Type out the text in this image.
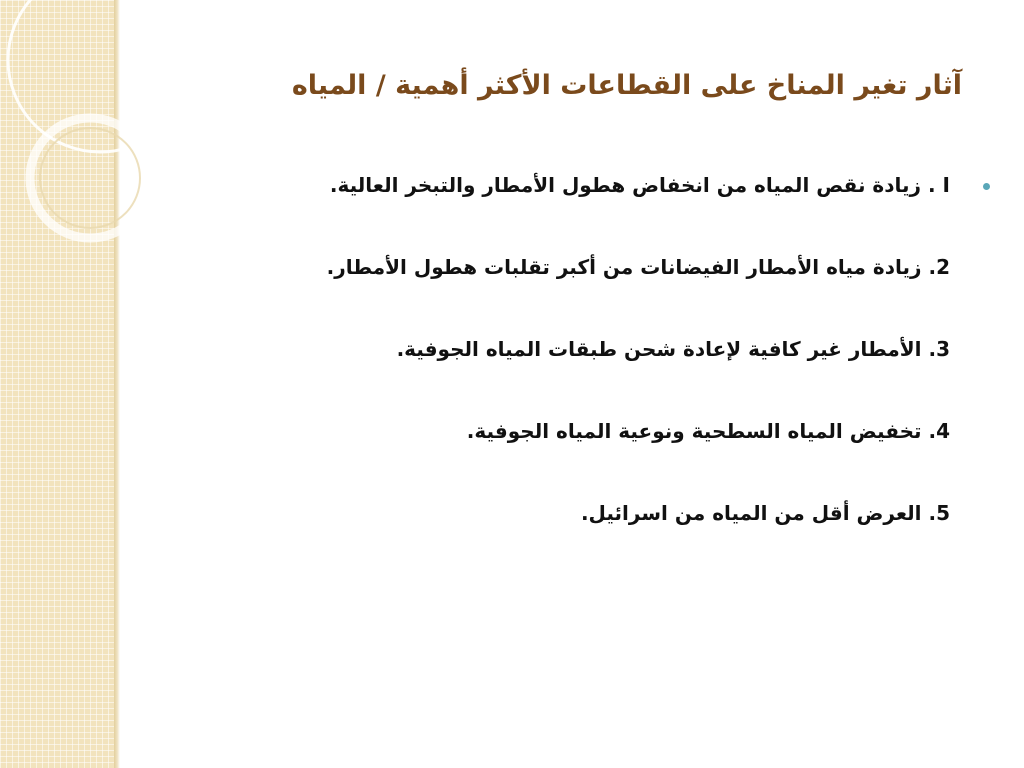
آثار تغير المناخ على القطاعات الأكثر أهمية / المياه
I . زيادة نقص المياه من انخفاض هطول الأمطار والتبخر العالية.
2. زيادة مياه الأمطار الفيضانات من أكبر تقلبات هطول الأمطار.
3. الأمطار غير كافية لإعادة شحن طبقات المياه الجوفية.
4. تخفيض المياه السطحية ونوعية المياه الجوفية.
5. العرض أقل من المياه من اسرائيل.
